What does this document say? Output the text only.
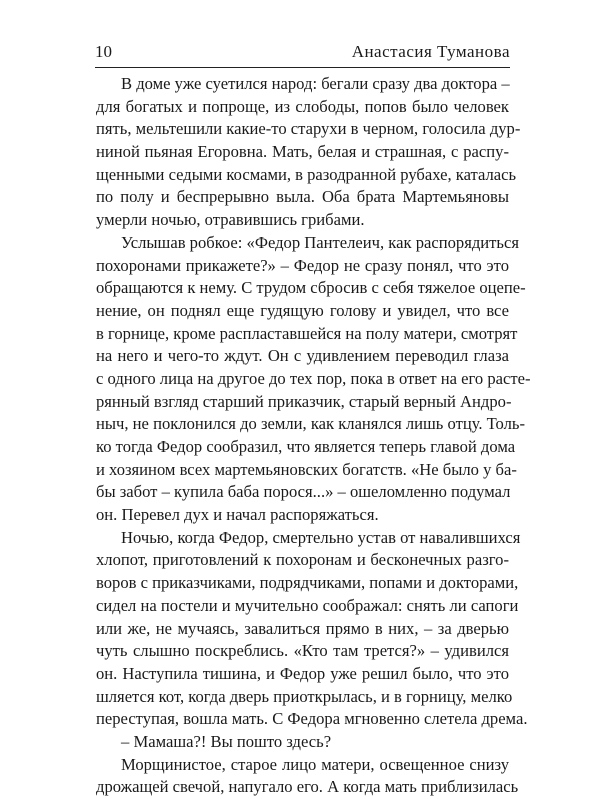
10	Анастасия Туманова
В доме уже суетился народ: бегали сразу два доктора –
для богатых и попроще, из слободы, попов было человек
пять, мельтешили какие-то старухи в черном, голосила дур-
ниной пьяная Егоровна. Мать, белая и страшная, с распу-
щенными седыми космами, в разодранной рубахе, каталась
по полу и беспрерывно выла. Оба брата Мартемьяновы
умерли ночью, отравившись грибами.
Услышав робкое: «Федор Пантелеич, как распорядиться
похоронами прикажете?» – Федор не сразу понял, что это
обращаются к нему. С трудом сбросив с себя тяжелое оцепе-
нение, он поднял еще гудящую голову и увидел, что все
в горнице, кроме распластавшейся на полу матери, смотрят
на него и чего-то ждут. Он с удивлением переводил глаза
с одного лица на другое до тех пор, пока в ответ на его расте-
рянный взгляд старший приказчик, старый верный Андро-
ныч, не поклонился до земли, как кланялся лишь отцу. Толь-
ко тогда Федор сообразил, что является теперь главой дома
и хозяином всех мартемьяновских богатств. «Не было у ба-
бы забот – купила баба порося...» – ошеломленно подумал
он. Перевел дух и начал распоряжаться.
Ночью, когда Федор, смертельно устав от навалившихся
хлопот, приготовлений к похоронам и бесконечных разго-
воров с приказчиками, подрядчиками, попами и докторами,
сидел на постели и мучительно соображал: снять ли сапоги
или же, не мучаясь, завалиться прямо в них, – за дверью
чуть слышно поскреблись. «Кто там трется?» – удивился
он. Наступила тишина, и Федор уже решил было, что это
шляется кот, когда дверь приоткрылась, и в горницу, мелко
переступая, вошла мать. С Федора мгновенно слетела дрема.
– Мамаша?! Вы пошто здесь?
Морщинистое, старое лицо матери, освещенное снизу
дрожащей свечой, напугало его. А когда мать приблизилась
